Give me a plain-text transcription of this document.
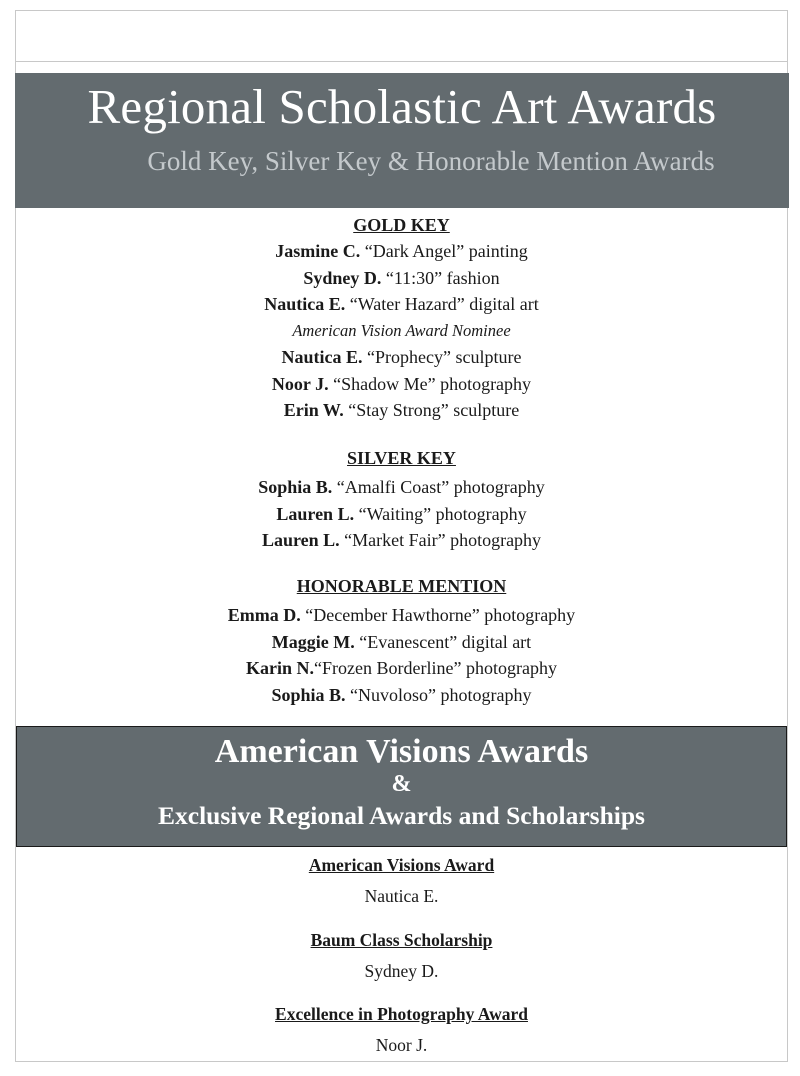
Regional Scholastic Art Awards
Gold Key, Silver Key & Honorable Mention Awards

GOLD KEY

Jasmine C. “Dark Angel” painting

Sydney D. “11:30” fashion

Nautica E. “Water Hazard” digital art

American Vision Award Nominee

Nautica E. “Prophecy” sculpture

Noor J. “Shadow Me” photography

Erin W. “Stay Strong” sculpture

SILVER KEY

Sophia B. “Amalfi Coast” photography

Lauren L. “Waiting” photography

Lauren L. “Market Fair” photography

HONORABLE MENTION

Emma D. “December Hawthorne” photography

Maggie M. “Evanescent” digital art

Karin N.“Frozen Borderline” photography

Sophia B. “Nuvoloso” photography

American Visions Awards
&
Exclusive Regional Awards and Scholarships
American Visions Award
Nautica E.
Baum Class Scholarship
Sydney D.
Excellence in Photography Award
Noor J.
